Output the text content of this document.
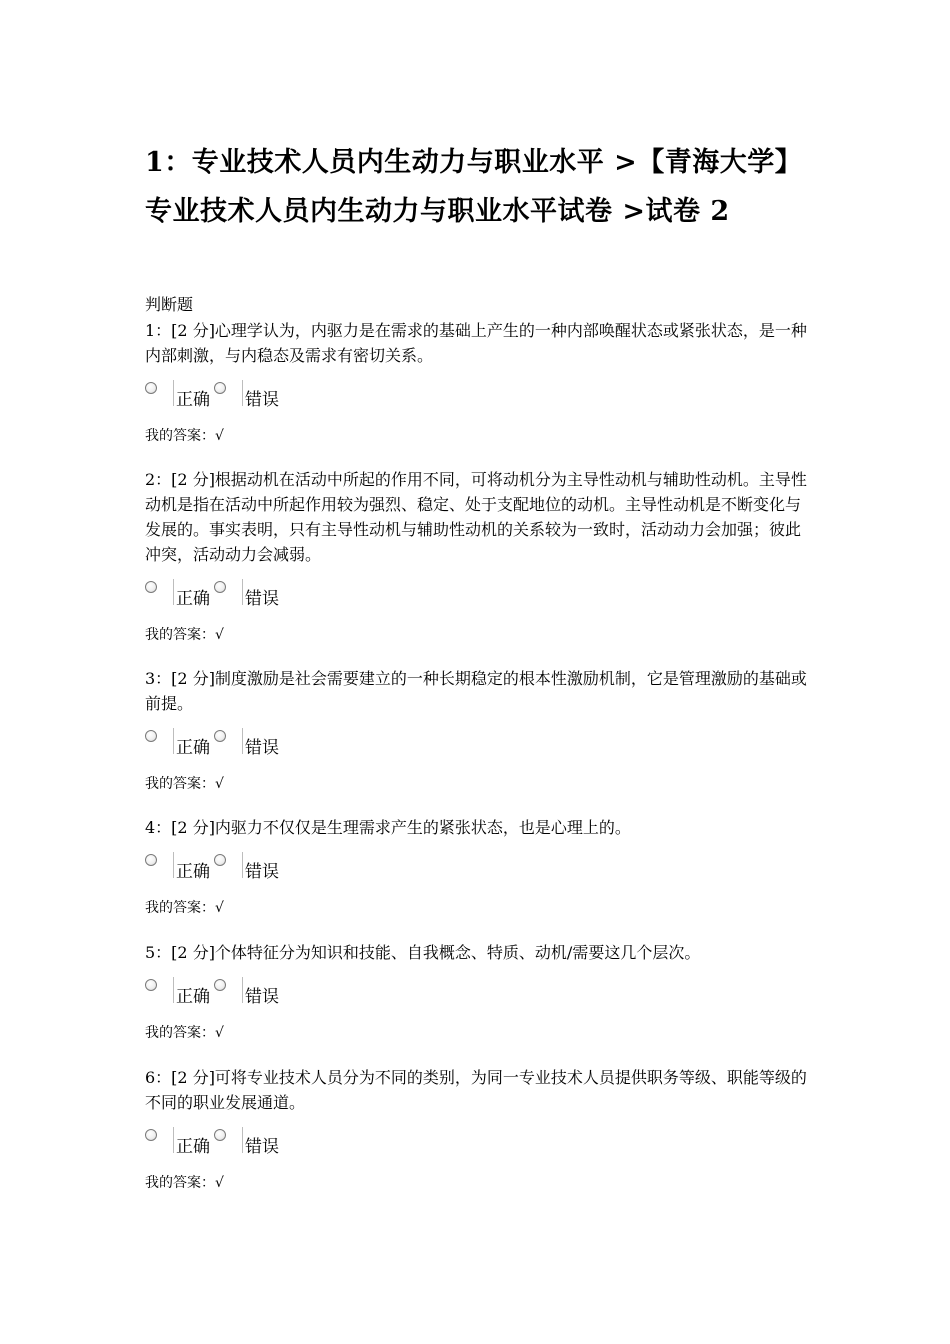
1：专业技术人员内生动力与职业水平 >【青海大学】专业技术人员内生动力与职业水平试卷 >试卷 2
判断题

1：[2 分]心理学认为，内驱力是在需求的基础上产生的一种内部唤醒状态或紧张状态，是一种内部刺激，与内稳态及需求有密切关系。

正确 错误
我的答案：√

2：[2 分]根据动机在活动中所起的作用不同，可将动机分为主导性动机与辅助性动机。主导性动机是指在活动中所起作用较为强烈、稳定、处于支配地位的动机。主导性动机是不断变化与发展的。事实表明，只有主导性动机与辅助性动机的关系较为一致时，活动动力会加强；彼此冲突，活动动力会减弱。

正确 错误
我的答案：√

3：[2 分]制度激励是社会需要建立的一种长期稳定的根本性激励机制，它是管理激励的基础或前提。

正确 错误
我的答案：√

4：[2 分]内驱力不仅仅是生理需求产生的紧张状态，也是心理上的。

正确 错误
我的答案：√

5：[2 分]个体特征分为知识和技能、自我概念、特质、动机/需要这几个层次。

正确 错误
我的答案：√

6：[2 分]可将专业技术人员分为不同的类别，为同一专业技术人员提供职务等级、职能等级的不同的职业发展通道。

正确 错误
我的答案：√
